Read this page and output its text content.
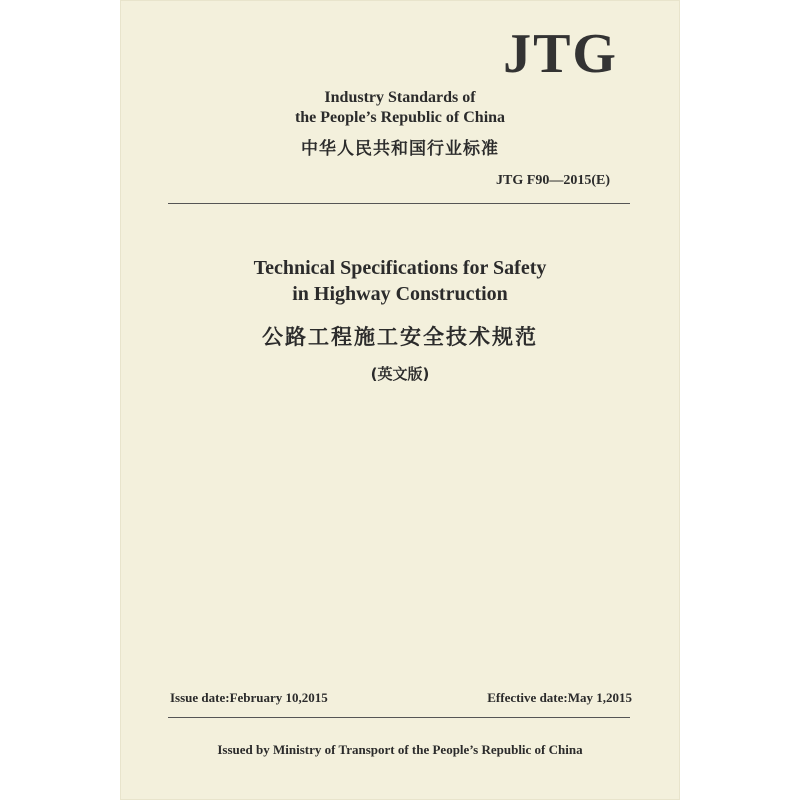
JTG
Industry Standards of
the People’s Republic of China
中华人民共和国行业标准
JTG F90—2015(E)
Technical Specifications for Safety
in Highway Construction
公路工程施工安全技术规范
(英文版)
Issue date:February 10,2015	Effective date:May 1,2015
Issued by Ministry of Transport of the People’s Republic of China
